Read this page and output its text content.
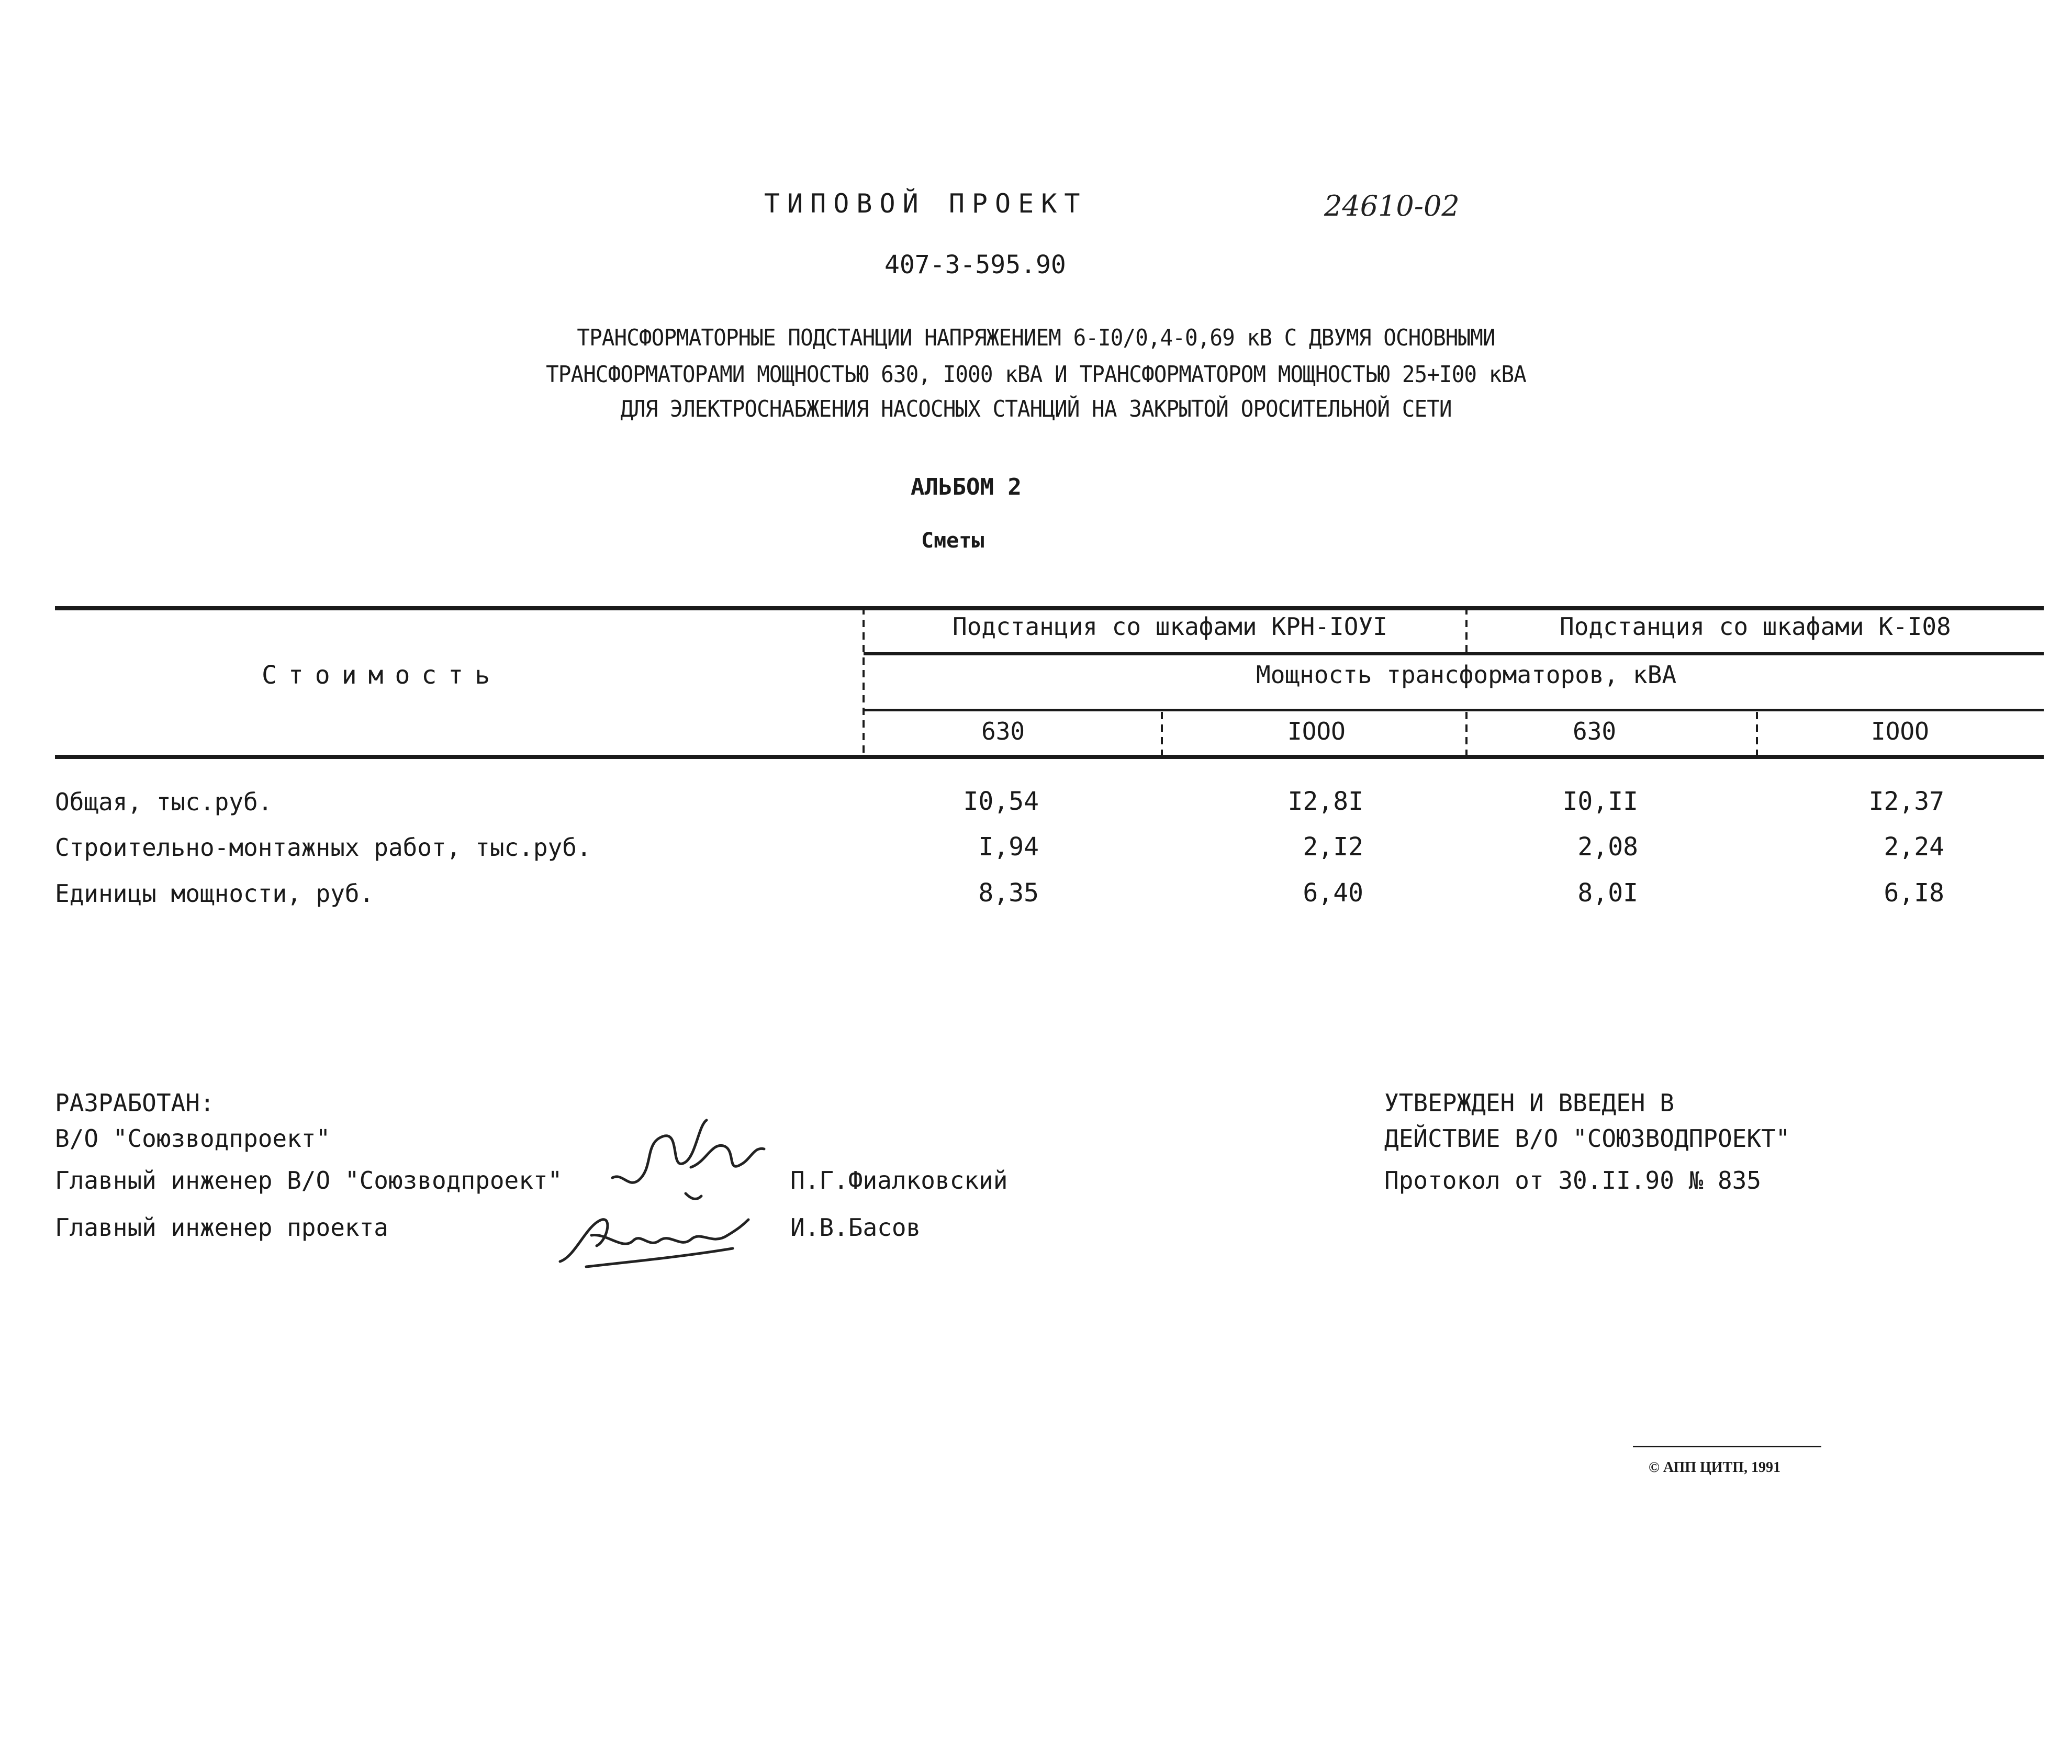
ТИПОВОЙ ПРОЕКТ	24610-02
407-3-595.90
ТРАНСФОРМАТОРНЫЕ ПОДСТАНЦИИ НАПРЯЖЕНИЕМ 6-I0/0,4-0,69 кВ С ДВУМЯ ОСНОВНЫМИ
ТРАНСФОРМАТОРАМИ МОЩНОСТЬЮ 630, I000 кВА И ТРАНСФОРМАТОРОМ МОЩНОСТЬЮ 25+I00 кВА
ДЛЯ ЭЛЕКТРОСНАБЖЕНИЯ НАСОСНЫХ СТАНЦИЙ НА ЗАКРЫТОЙ ОРОСИТЕЛЬНОЙ СЕТИ
АЛЬБОМ 2
Сметы
Стоимость
Подстанция со шкафами КРН-IOУI	Подстанция со шкафами К-I08
Мощность трансформаторов, кВА
630	IOOO	630	IOOO
Общая, тыс.руб.	I0,54	I2,8I	I0,II	I2,37
Строительно-монтажных работ, тыс.руб.	I,94	2,I2	2,08	2,24
Единицы мощности, руб.	8,35	6,40	8,0I	6,I8
РАЗРАБОТАН:
В/О "Союзводпроект"
Главный инженер В/О "Союзводпроект"
Главный инженер проекта
П.Г.Фиалковский
И.В.Басов
УТВЕРЖДЕН И ВВЕДЕН В
ДЕЙСТВИЕ В/О "СОЮЗВОДПРОЕКТ"
Протокол от 30.II.90 № 835
© АПП ЦИТП, 1991
